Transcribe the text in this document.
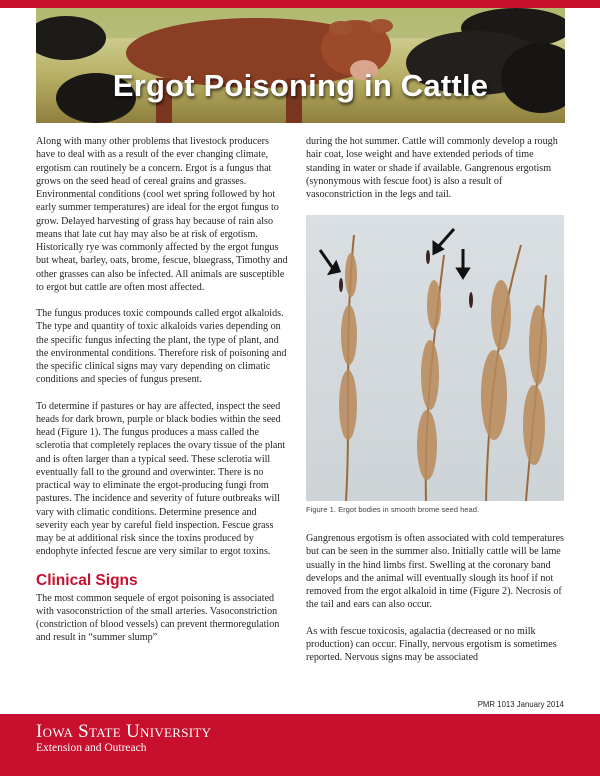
Ergot Poisoning in Cattle

Along with many other problems that livestock producers have to deal with as a result of the ever changing climate, ergotism can routinely be a concern. Ergot is a fungus that grows on the seed head of cereal grains and grasses. Environmental conditions (cool wet spring followed by hot early summer temperatures) are ideal for the ergot fungus to grow. Delayed harvesting of grass hay because of rain also means that late cut hay may also be at risk of ergotism. Historically rye was commonly affected by the ergot fungus but wheat, barley, oats, brome, fescue, bluegrass, Timothy and other grasses can also be infected. All animals are susceptible to ergot but cattle are often most affected.

The fungus produces toxic compounds called ergot alkaloids. The type and quantity of toxic alkaloids varies depending on the specific fungus infecting the plant, the type of plant, and the environmental conditions. Therefore risk of poisoning and the specific clinical signs may vary depending on climatic conditions and species of fungus present.

To determine if pastures or hay are affected, inspect the seed heads for dark brown, purple or black bodies within the seed head (Figure 1). The fungus produces a mass called the sclerotia that completely replaces the ovary tissue of the plant and is often larger than a typical seed. These sclerotia will eventually fall to the ground and overwinter. There is no practical way to eliminate the ergot-producing fungi from pastures. The incidence and severity of future outbreaks will vary with climatic conditions. Determine presence and severity each year by careful field inspection. Fescue grass may be at additional risk since the toxins produced by endophyte infected fescue are very similar to ergot toxins.

Clinical Signs

The most common sequele of ergot poisoning is associated with vasoconstriction of the small arteries. Vasoconstriction (constriction of blood vessels) can prevent thermoregulation and result in “summer slump”

during the hot summer. Cattle will commonly develop a rough hair coat, lose weight and have extended periods of time standing in water or shade if available. Gangrenous ergotism (synonymous with fescue foot) is also a result of vasoconstriction in the legs and tail.

Figure 1. Ergot bodies in smooth brome seed head.

Gangrenous ergotism is often associated with cold temperatures but can be seen in the summer also. Initially cattle will be lame usually in the hind limbs first. Swelling at the coronary band develops and the animal will eventually slough its hoof if not removed from the ergot alkaloid in time (Figure 2). Necrosis of the tail and ears can also occur.

As with fescue toxicosis, agalactia (decreased or no milk production) can occur. Finally, nervous ergotism is sometimes reported. Nervous signs may be associated

PMR 1013 January 2014
Iowa State University
Extension and Outreach
